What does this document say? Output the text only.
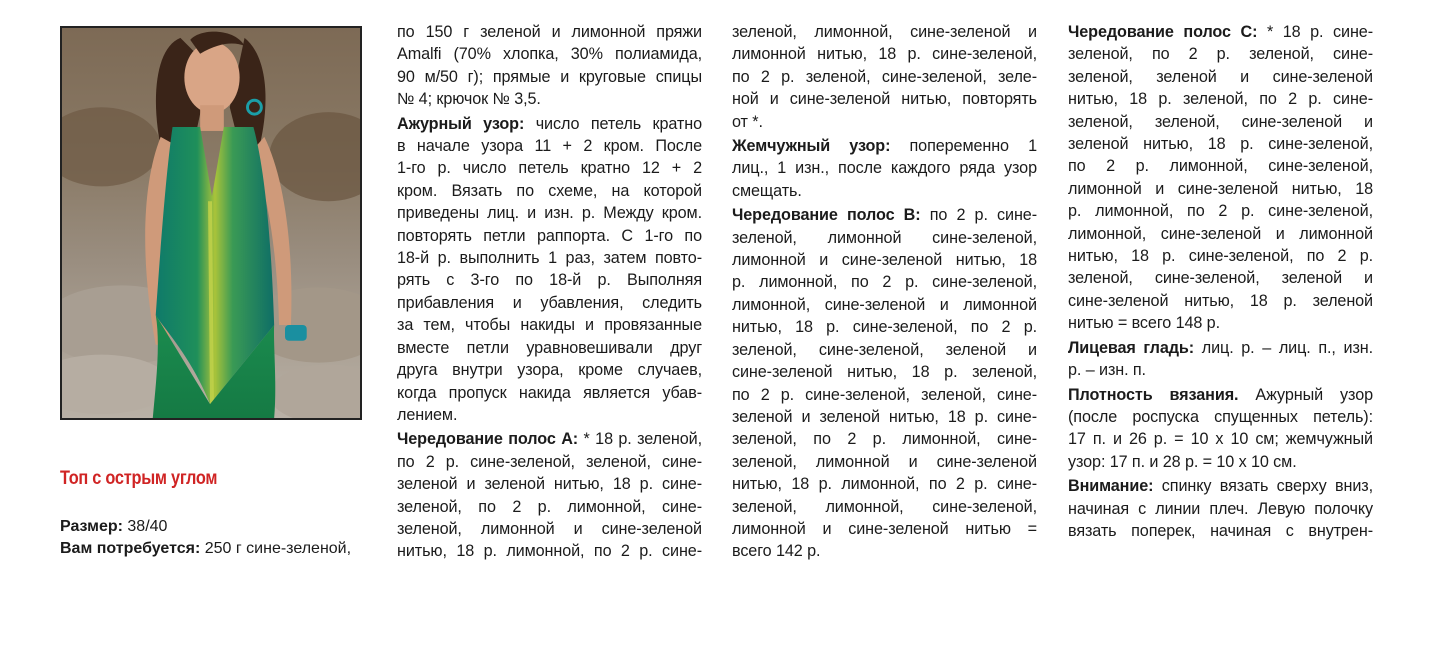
Топ с острым углом
Размер: 38/40
Вам потребуется: 250 г сине-зеленой,
по 150 г зеленой и лимонной пряжи
Amalfi (70% хлопка, 30% полиамида,
90 м/50 г); прямые и круговые спицы
№ 4; крючок № 3,5.
Ажурный узор: число петель кратно
в начале узора 11 + 2 кром. После
1-го р. число петель кратно 12 + 2
кром. Вязать по схеме, на которой
приведены лиц. и изн. р. Между кром.
повторять петли раппорта. С 1-го по
18-й р. выполнить 1 раз, затем повто-
рять с 3-го по 18-й р. Выполняя
прибавления и убавления, следить
за тем, чтобы накиды и провязанные
вместе петли уравновешивали друг
друга внутри узора, кроме случаев,
когда пропуск накида является убав-
лением.
Чередование полос А: * 18 р. зеленой,
по 2 р. сине-зеленой, зеленой, сине-
зеленой и зеленой нитью, 18 р. сине-
зеленой, по 2 р. лимонной, сине-
зеленой, лимонной и сине-зеленой
нитью, 18 р. лимонной, по 2 р. сине-
зеленой, лимонной, сине-зеленой и
лимонной нитью, 18 р. сине-зеленой,
по 2 р. зеленой, сине-зеленой, зеле-
ной и сине-зеленой нитью, повторять
от *.
Жемчужный узор: попеременно 1
лиц., 1 изн., после каждого ряда узор
смещать.
Чередование полос В: по 2 р. сине-
зеленой, лимонной сине-зеленой,
лимонной и сине-зеленой нитью, 18
р. лимонной, по 2 р. сине-зеленой,
лимонной, сине-зеленой и лимонной
нитью, 18 р. сине-зеленой, по 2 р.
зеленой, сине-зеленой, зеленой и
сине-зеленой нитью, 18 р. зеленой,
по 2 р. сине-зеленой, зеленой, сине-
зеленой и зеленой нитью, 18 р. сине-
зеленой, по 2 р. лимонной, сине-
зеленой, лимонной и сине-зеленой
нитью, 18 р. лимонной, по 2 р. сине-
зеленой, лимонной, сине-зеленой,
лимонной и сине-зеленой нитью =
всего 142 р.
Чередование полос С: * 18 р. сине-
зеленой, по 2 р. зеленой, сине-
зеленой, зеленой и сине-зеленой
нитью, 18 р. зеленой, по 2 р. сине-
зеленой, зеленой, сине-зеленой и
зеленой нитью, 18 р. сине-зеленой,
по 2 р. лимонной, сине-зеленой,
лимонной и сине-зеленой нитью, 18
р. лимонной, по 2 р. сине-зеленой,
лимонной, сине-зеленой и лимонной
нитью, 18 р. сине-зеленой, по 2 р.
зеленой, сине-зеленой, зеленой и
сине-зеленой нитью, 18 р. зеленой
нитью = всего 148 р.
Лицевая гладь: лиц. р. – лиц. п., изн.
р. – изн. п.
Плотность вязания. Ажурный узор
(после роспуска спущенных петель):
17 п. и 26 р. = 10 х 10 см; жемчужный
узор: 17 п. и 28 р. = 10 х 10 см.
Внимание: спинку вязать сверху вниз,
начиная с линии плеч. Левую полочку
вязать поперек, начиная с внутрен-
